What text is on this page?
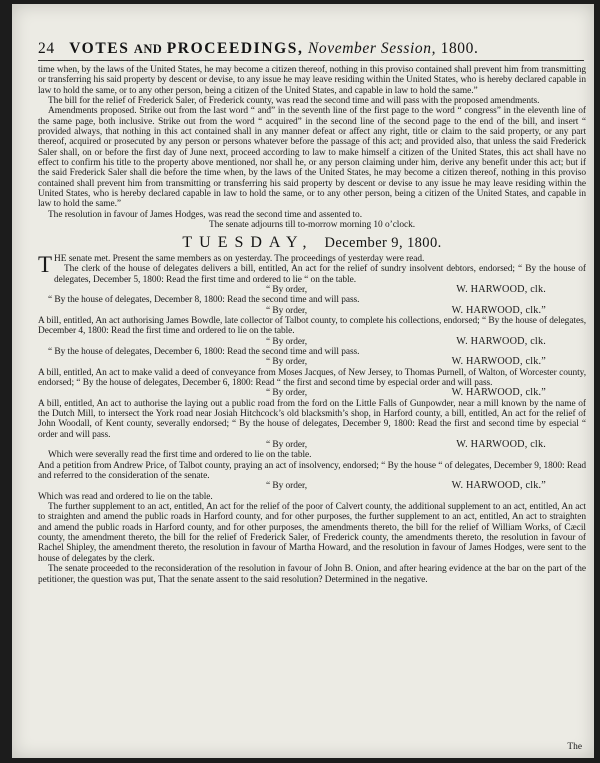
24 VOTES AND PROCEEDINGS, November Session, 1800.

time when, by the laws of the United States, he may become a citizen thereof, nothing in this proviso contained shall prevent him from transmitting or transferring his said property by descent or devise, to any issue he may leave residing within the United States, who is hereby declared capable in law to hold the same, or to any other person, being a citizen of the United States, and capable in law to hold the same.”

The bill for the relief of Frederick Saler, of Frederick county, was read the second time and will pass with the proposed amendments.

Amendments proposed. Strike out from the last word “ and” in the seventh line of the first page to the word “ congress” in the eleventh line of the same page, both inclusive. Strike out from the word “ acquired” in the second line of the second page to the end of the bill, and insert “ provided always, that nothing in this act contained shall in any manner defeat or affect any right, title or claim to the said property, or any part thereof, acquired or prosecuted by any person or persons whatever before the passage of this act; and provided also, that unless the said Frederick Saler shall, on or before the first day of June next, proceed according to law to make himself a citizen of the United States, this act shall have no effect to confirm his title to the property above mentioned, nor shall he, or any person claiming under him, derive any benefit under this act; but if the said Frederick Saler shall die before the time when, by the laws of the United States, he may become a citizen thereof, nothing in this proviso contained shall prevent him from transmitting or transferring his said property by descent or devise to any issue he may leave residing within the United States, who is hereby declared capable in law to hold the same, or to any other person, being a citizen of the United States, and capable in law to hold the same.”

The resolution in favour of James Hodges, was read the second time and assented to.

The senate adjourns till to-morrow morning 10 o’clock.

TUESDAY, December 9, 1800.

THE senate met. Present the same members as on yesterday. The proceedings of yesterday were read.

The clerk of the house of delegates delivers a bill, entitled, An act for the relief of sundry insolvent debtors, endorsed; “ By the house of delegates, December 5, 1800: Read the first time and ordered to lie “ on the table.

“ By order,	W. HARWOOD, clk.

“ By the house of delegates, December 8, 1800: Read the second time and will pass.

“ By order,	W. HARWOOD, clk.”

A bill, entitled, An act authorising James Bowdle, late collector of Talbot county, to complete his collections, endorsed; “ By the house of delegates, December 4, 1800: Read the first time and ordered to lie on the table.

“ By order,	W. HARWOOD, clk.

“ By the house of delegates, December 6, 1800: Read the second time and will pass.

“ By order,	W. HARWOOD, clk.”

A bill, entitled, An act to make valid a deed of conveyance from Moses Jacques, of New Jersey, to Thomas Purnell, of Walton, of Worcester county, endorsed; “ By the house of delegates, December 6, 1800: Read “ the first and second time by especial order and will pass.

“ By order,	W. HARWOOD, clk.”

A bill, entitled, An act to authorise the laying out a public road from the ford on the Little Falls of Gunpowder, near a mill known by the name of the Dutch Mill, to intersect the York road near Josiah Hitchcock’s old blacksmith’s shop, in Harford county, a bill, entitled, An act for the relief of John Woodall, of Kent county, severally endorsed; “ By the house of delegates, December 9, 1800: Read the first and second time by especial “ order and will pass.

“ By order,	W. HARWOOD, clk.

Which were severally read the first time and ordered to lie on the table.

And a petition from Andrew Price, of Talbot county, praying an act of insolvency, endorsed; “ By the house “ of delegates, December 9, 1800: Read and referred to the consideration of the senate.

“ By order,	W. HARWOOD, clk.”

Which was read and ordered to lie on the table.

The further supplement to an act, entitled, An act for the relief of the poor of Calvert county, the additional supplement to an act, entitled, An act to straighten and amend the public roads in Harford county, and for other purposes, the further supplement to an act, entitled, An act to straighten and amend the public roads in Harford county, and for other purposes, the amendments thereto, the bill for the relief of William Works, of Cæcil county, the amendment thereto, the bill for the relief of Frederick Saler, of Frederick county, the amendments thereto, the resolution in favour of Rachel Shipley, the amendment thereto, the resolution in favour of Martha Howard, and the resolution in favour of James Hodges, were sent to the house of delegates by the clerk.

The senate proceeded to the reconsideration of the resolution in favour of John B. Onion, and after hearing evidence at the bar on the part of the petitioner, the question was put, That the senate assent to the said resolution? Determined in the negative.

The
